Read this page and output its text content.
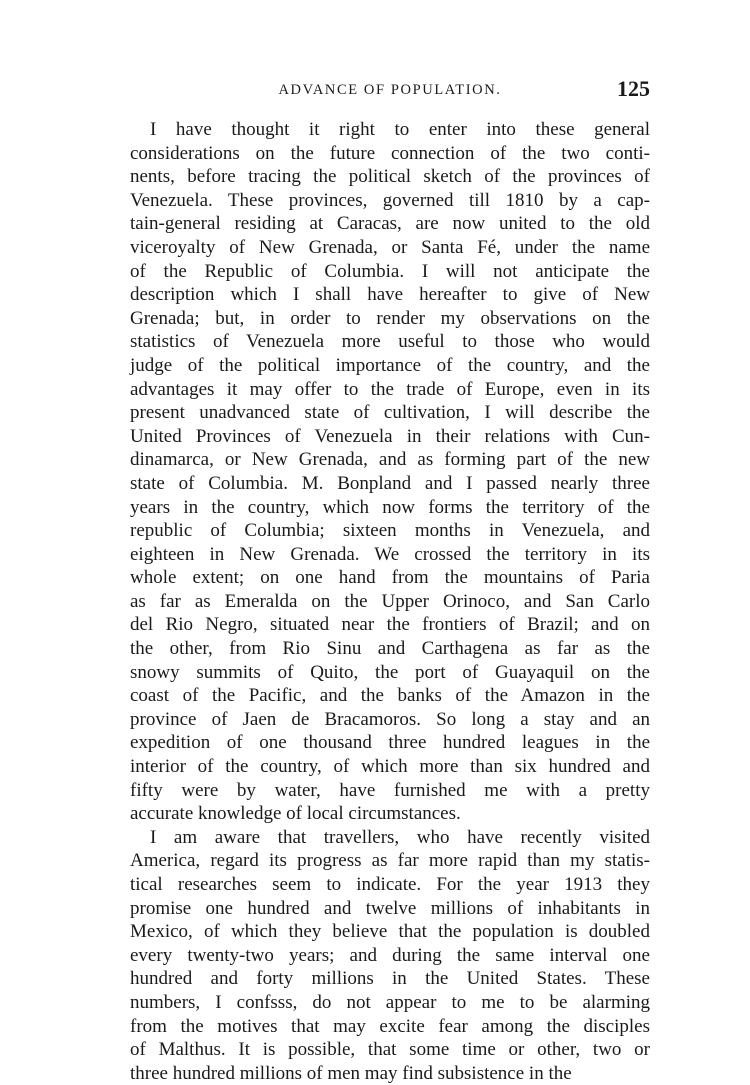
ADVANCE OF POPULATION.	125
I have thought it right to enter into these general
considerations on the future connection of the two conti-
nents, before tracing the political sketch of the provinces of
Venezuela. These provinces, governed till 1810 by a cap-
tain-general residing at Caracas, are now united to the old
viceroyalty of New Grenada, or Santa Fé, under the name
of the Republic of Columbia. I will not anticipate the
description which I shall have hereafter to give of New
Grenada; but, in order to render my observations on the
statistics of Venezuela more useful to those who would
judge of the political importance of the country, and the
advantages it may offer to the trade of Europe, even in its
present unadvanced state of cultivation, I will describe the
United Provinces of Venezuela in their relations with Cun-
dinamarca, or New Grenada, and as forming part of the new
state of Columbia. M. Bonpland and I passed nearly three
years in the country, which now forms the territory of the
republic of Columbia; sixteen months in Venezuela, and
eighteen in New Grenada. We crossed the territory in its
whole extent; on one hand from the mountains of Paria
as far as Emeralda on the Upper Orinoco, and San Carlo
del Rio Negro, situated near the frontiers of Brazil; and on
the other, from Rio Sinu and Carthagena as far as the
snowy summits of Quito, the port of Guayaquil on the
coast of the Pacific, and the banks of the Amazon in the
province of Jaen de Bracamoros. So long a stay and an
expedition of one thousand three hundred leagues in the
interior of the country, of which more than six hundred and
fifty were by water, have furnished me with a pretty
accurate knowledge of local circumstances.
I am aware that travellers, who have recently visited
America, regard its progress as far more rapid than my statis-
tical researches seem to indicate. For the year 1913 they
promise one hundred and twelve millions of inhabitants in
Mexico, of which they believe that the population is doubled
every twenty-two years; and during the same interval one
hundred and forty millions in the United States. These
numbers, I confsss, do not appear to me to be alarming
from the motives that may excite fear among the disciples
of Malthus. It is possible, that some time or other, two or
three hundred millions of men may find subsistence in the
